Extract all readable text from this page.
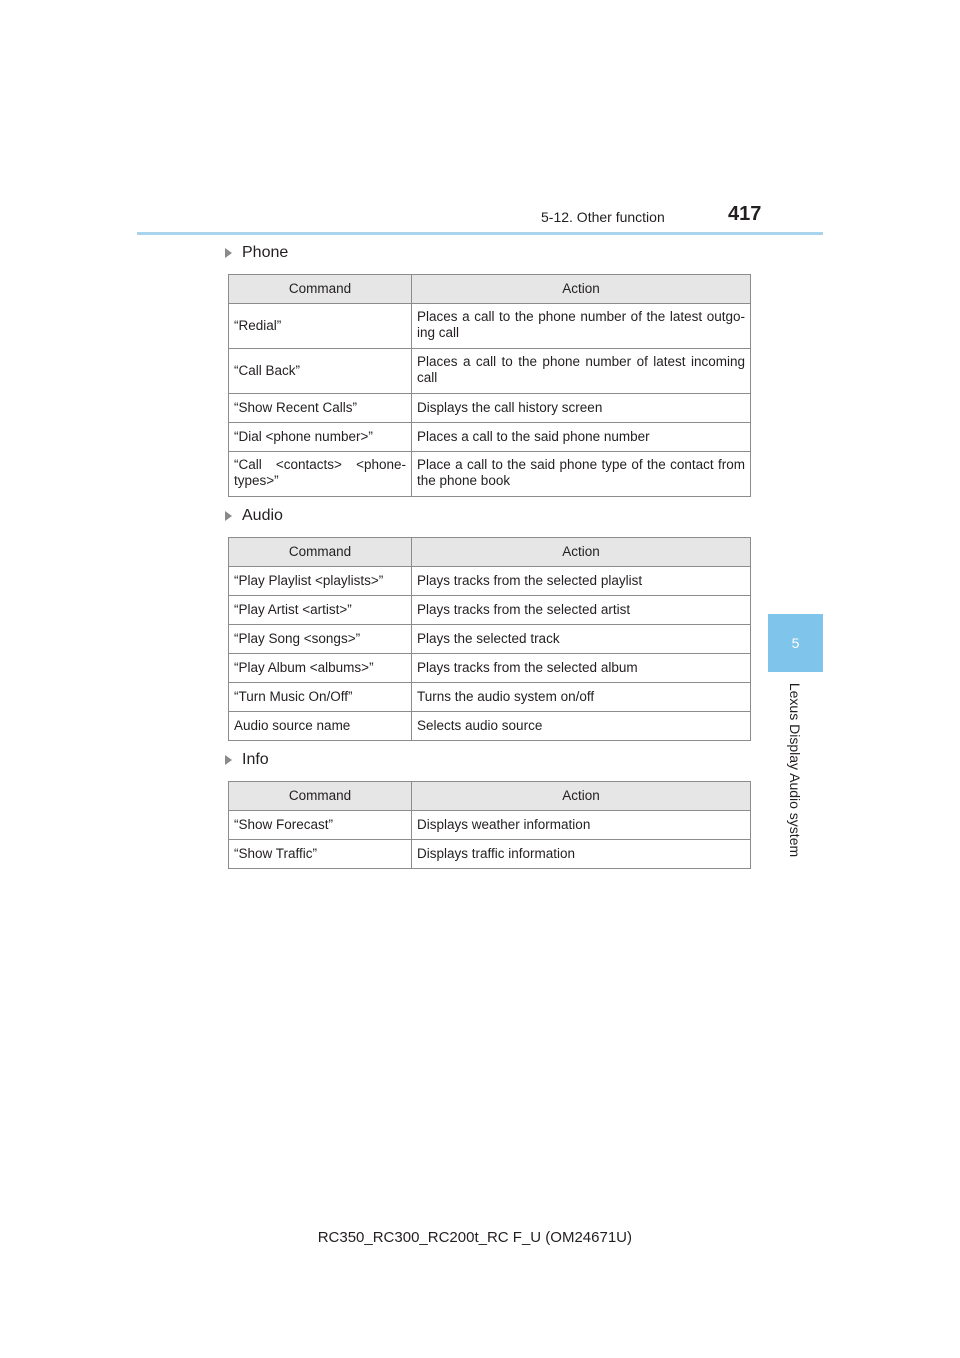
5-12. Other function	417
5
Lexus Display Audio system
Phone
Command	Action
“Redial”	Places a call to the phone number of the latest outgo-ing call
“Call Back”	Places a call to the phone number of latest incoming call
“Show Recent Calls”	Displays the call history screen
“Dial <phone number>”	Places a call to the said phone number
“Call <contacts> <phone-types>”	Place a call to the said phone type of the contact from the phone book
Audio
Command	Action
“Play Playlist <playlists>”	Plays tracks from the selected playlist
“Play Artist <artist>”	Plays tracks from the selected artist
“Play Song <songs>”	Plays the selected track
“Play Album <albums>”	Plays tracks from the selected album
“Turn Music On/Off”	Turns the audio system on/off
Audio source name	Selects audio source
Info
Command	Action
“Show Forecast”	Displays weather information
“Show Traffic”	Displays traffic information
RC350_RC300_RC200t_RC F_U (OM24671U)
